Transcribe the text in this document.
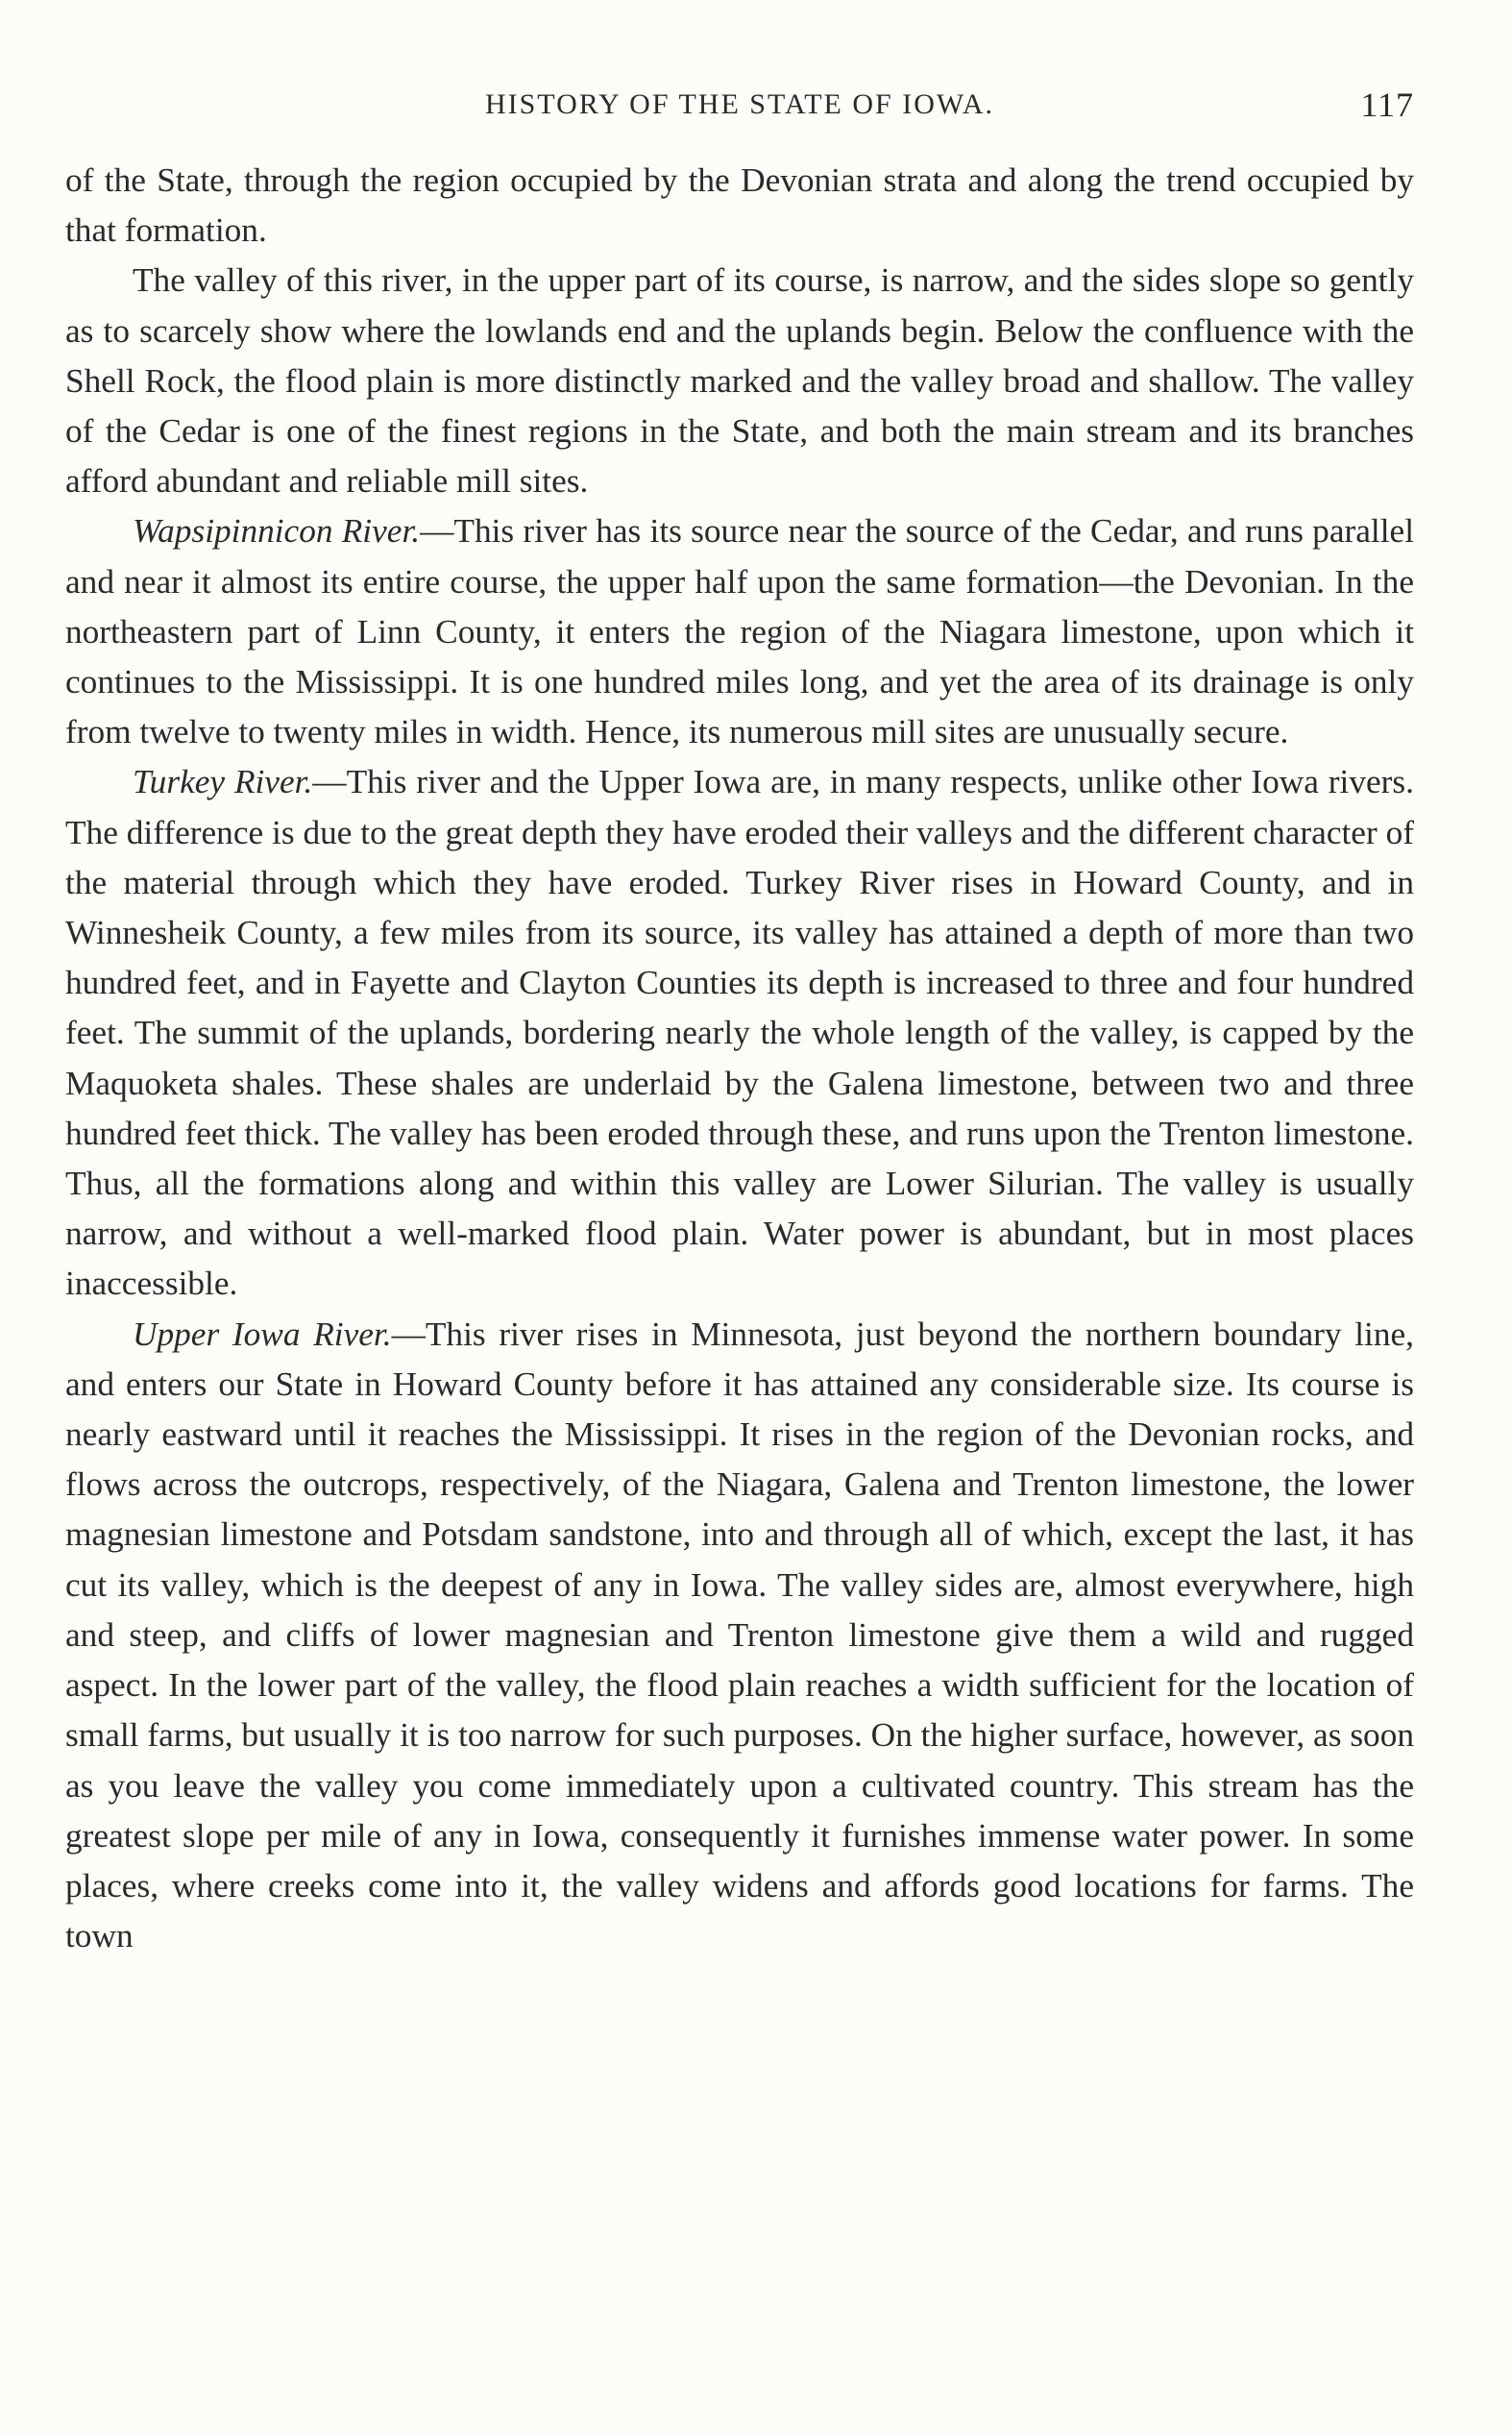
HISTORY OF THE STATE OF IOWA.	117

of the State, through the region occupied by the Devonian strata and along the trend occupied by that formation.

The valley of this river, in the upper part of its course, is narrow, and the sides slope so gently as to scarcely show where the lowlands end and the uplands begin. Below the confluence with the Shell Rock, the flood plain is more distinctly marked and the valley broad and shallow. The valley of the Cedar is one of the finest regions in the State, and both the main stream and its branches afford abundant and reliable mill sites.

Wapsipinnicon River.—This river has its source near the source of the Cedar, and runs parallel and near it almost its entire course, the upper half upon the same formation—the Devonian. In the northeastern part of Linn County, it enters the region of the Niagara limestone, upon which it continues to the Mississippi. It is one hundred miles long, and yet the area of its drainage is only from twelve to twenty miles in width. Hence, its numerous mill sites are unusually secure.

Turkey River.—This river and the Upper Iowa are, in many respects, unlike other Iowa rivers. The difference is due to the great depth they have eroded their valleys and the different character of the material through which they have eroded. Turkey River rises in Howard County, and in Winnesheik County, a few miles from its source, its valley has attained a depth of more than two hundred feet, and in Fayette and Clayton Counties its depth is increased to three and four hundred feet. The summit of the uplands, bordering nearly the whole length of the valley, is capped by the Maquoketa shales. These shales are underlaid by the Galena limestone, between two and three hundred feet thick. The valley has been eroded through these, and runs upon the Trenton limestone. Thus, all the formations along and within this valley are Lower Silurian. The valley is usually narrow, and without a well-marked flood plain. Water power is abundant, but in most places inaccessible.

Upper Iowa River.—This river rises in Minnesota, just beyond the northern boundary line, and enters our State in Howard County before it has attained any considerable size. Its course is nearly eastward until it reaches the Mississippi. It rises in the region of the Devonian rocks, and flows across the outcrops, respectively, of the Niagara, Galena and Trenton limestone, the lower magnesian limestone and Potsdam sandstone, into and through all of which, except the last, it has cut its valley, which is the deepest of any in Iowa. The valley sides are, almost everywhere, high and steep, and cliffs of lower magnesian and Trenton limestone give them a wild and rugged aspect. In the lower part of the valley, the flood plain reaches a width sufficient for the location of small farms, but usually it is too narrow for such purposes. On the higher surface, however, as soon as you leave the valley you come immediately upon a cultivated country. This stream has the greatest slope per mile of any in Iowa, consequently it furnishes immense water power. In some places, where creeks come into it, the valley widens and affords good locations for farms. The town
